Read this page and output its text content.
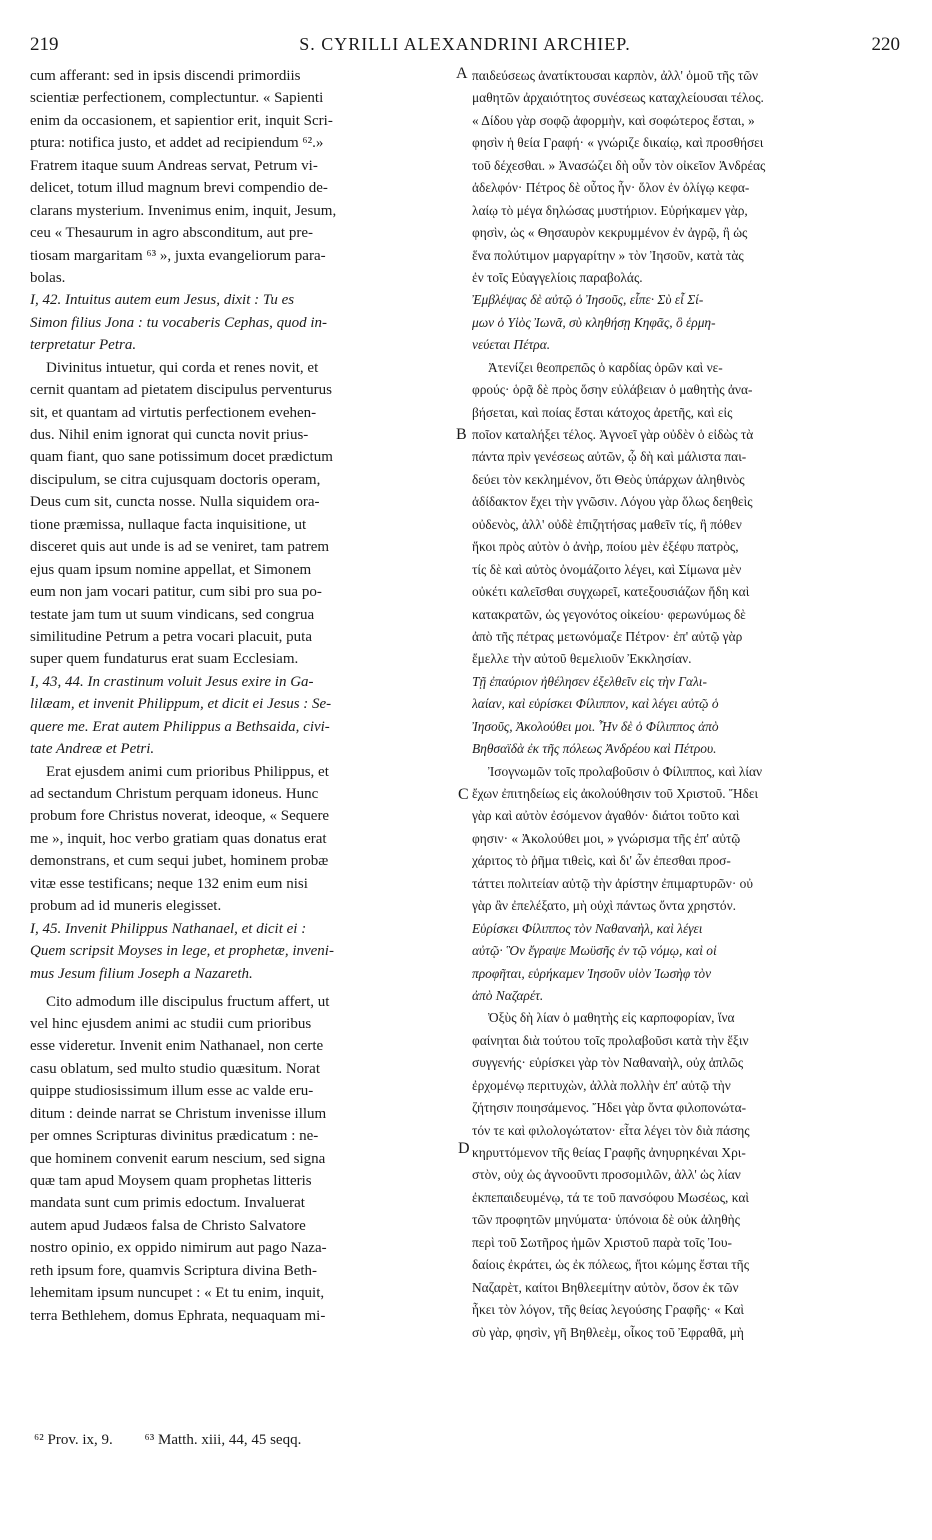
219	S. CYRILLI ALEXANDRINI ARCHIEP.	220
cum afferant: sed in ipsis discendi primordiis
scientiæ perfectionem, complectuntur. « Sapienti
enim da occasionem, et sapientior erit, inquit Scri-
ptura: notifica justo, et addet ad recipiendum ⁶².»
Fratrem itaque suum Andreas servat, Petrum vi-
delicet, totum illud magnum brevi compendio de-
clarans mysterium. Invenimus enim, inquit, Jesum,
ceu « Thesaurum in agro absconditum, aut pre-
tiosam margaritam ⁶³ », juxta evangeliorum para-
bolas.
I, 42. Intuitus autem eum Jesus, dixit : Tu es
Simon filius Jona : tu vocaberis Cephas, quod in-
terpretatur Petra.
Divinitus intuetur, qui corda et renes novit, et
cernit quantam ad pietatem discipulus perventurus
sit, et quantam ad virtutis perfectionem evehen-
dus. Nihil enim ignorat qui cuncta novit prius-
quam fiant, quo sane potissimum docet prædictum
discipulum, se citra cujusquam doctoris operam,
Deus cum sit, cuncta nosse. Nulla siquidem ora-
tione præmissa, nullaque facta inquisitione, ut
disceret quis aut unde is ad se veniret, tam patrem
ejus quam ipsum nomine appellat, et Simonem
eum non jam vocari patitur, cum sibi pro sua po-
testate jam tum ut suum vindicans, sed congrua
similitudine Petrum a petra vocari placuit, puta
super quem fundaturus erat suam Ecclesiam.
I, 43, 44. In crastinum voluit Jesus exire in Ga-
lilæam, et invenit Philippum, et dicit ei Jesus : Se-
quere me. Erat autem Philippus a Bethsaida, civi-
tate Andreæ et Petri.
Erat ejusdem animi cum prioribus Philippus, et
ad sectandum Christum perquam idoneus. Hunc
probum fore Christus noverat, ideoque, « Sequere
me », inquit, hoc verbo gratiam quas donatus erat
demonstrans, et cum sequi jubet, hominem probæ
vitæ esse testificans; neque 132 enim eum nisi
probum ad id muneris elegisset.
I, 45. Invenit Philippus Nathanael, et dicit ei :
Quem scripsit Moyses in lege, et prophetæ, inveni-
mus Jesum filium Joseph a Nazareth.
Cito admodum ille discipulus fructum affert, ut
vel hinc ejusdem animi ac studii cum prioribus
esse videretur. Invenit enim Nathanael, non certe
casu oblatum, sed multo studio quæsitum. Norat
quippe studiosissimum illum esse ac valde eru-
ditum : deinde narrat se Christum invenisse illum
per omnes Scripturas divinitus prædicatum : ne-
que hominem convenit earum nescium, sed signa
quæ tam apud Moysem quam prophetas litteris
mandata sunt cum primis edoctum. Invaluerat
autem apud Judæos falsa de Christo Salvatore
nostro opinio, ex oppido nimirum aut pago Naza-
reth ipsum fore, quamvis Scriptura divina Beth-
lehemitam ipsum nuncupet : « Et tu enim, inquit,
terra Bethlehem, domus Ephrata, nequaquam mi-
παιδεύσεως ἀνατίκτουσαι καρπὸν, ἀλλ' ὁμοῦ τῆς τῶν
μαθητῶν ἀρχαιότητος συνέσεως καταχλείουσαι τέλος.
« Δίδου γὰρ σοφῷ ἀφορμὴν, καὶ σοφώτερος ἔσται, »
φησὶν ἡ θεία Γραφή· « γνώριζε δικαίῳ, καὶ προσθήσει
τοῦ δέχεσθαι. » Ἀνασώζει δὴ οὖν τὸν οἰκεῖον Ἀνδρέας
ἀδελφόν· Πέτρος δὲ οὗτος ἦν· ὅλον ἐν ὀλίγῳ κεφα-
λαίῳ τὸ μέγα δηλώσας μυστήριον. Εὑρήκαμεν γὰρ,
φησὶν, ὡς « Θησαυρὸν κεκρυμμένον ἐν ἀγρῷ, ἢ ὡς
ἕνα πολύτιμον μαργαρίτην » τὸν Ἰησοῦν, κατὰ τὰς
ἐν τοῖς Εὐαγγελίοις παραβολάς.
Ἐμβλέψας δὲ αὐτῷ ὁ Ἰησοῦς, εἶπε· Σὺ εἶ Σί-
μων ὁ Υἱὸς Ἰωνᾶ, σὺ κληθήσῃ Κηφᾶς, ὃ ἑρμη-
νεύεται Πέτρα.
Ἀτενίζει θεοπρεπῶς ὁ καρδίας ὁρῶν καὶ νε-
φρούς· ὁρᾷ δὲ πρὸς ὅσην εὐλάβειαν ὁ μαθητὴς ἀνα-
βήσεται, καὶ ποίας ἔσται κάτοχος ἀρετῆς, καὶ εἰς
ποῖον καταλήξει τέλος. Ἀγνοεῖ γὰρ οὐδὲν ὁ εἰδὼς τὰ
πάντα πρὶν γενέσεως αὐτῶν, ᾧ δὴ καὶ μάλιστα παι-
δεύει τὸν κεκλημένον, ὅτι Θεὸς ὑπάρχων ἀληθινὸς
ἀδίδακτον ἔχει τὴν γνῶσιν. Λόγου γὰρ ὅλως δεηθεὶς
οὐδενὸς, ἀλλ' οὐδὲ ἐπιζητήσας μαθεῖν τίς, ἢ πόθεν
ἥκοι πρὸς αὐτὸν ὁ ἀνὴρ, ποίου μὲν ἐξέφυ πατρὸς,
τίς δὲ καὶ αὐτὸς ὀνομάζοιτο λέγει, καὶ Σίμωνα μὲν
οὐκέτι καλεῖσθαι συγχωρεῖ, κατεξουσιάζων ἤδη καὶ
κατακρατῶν, ὡς γεγονότος οἰκείου· φερωνύμως δὲ
ἀπὸ τῆς πέτρας μετωνόμαζε Πέτρον· ἐπ' αὐτῷ γὰρ
ἔμελλε τὴν αὐτοῦ θεμελιοῦν Ἐκκλησίαν.
Τῇ ἐπαύριον ἠθέλησεν ἐξελθεῖν εἰς τὴν Γαλι-
λαίαν, καὶ εὑρίσκει Φίλιππον, καὶ λέγει αὐτῷ ὁ
Ἰησοῦς, Ἀκολούθει μοι. Ἦν δὲ ὁ Φίλιππος ἀπὸ
Βηθσαϊδὰ ἐκ τῆς πόλεως Ἀνδρέου καὶ Πέτρου.
Ἰσογνωμῶν τοῖς προλαβοῦσιν ὁ Φίλιππος, καὶ λίαν
ἔχων ἐπιτηδείως εἰς ἀκολούθησιν τοῦ Χριστοῦ. Ἤδει
γὰρ καὶ αὐτὸν ἐσόμενον ἀγαθόν· διάτοι τοῦτο καὶ
φησιν· « Ἀκολούθει μοι, » γνώρισμα τῆς ἐπ' αὐτῷ
χάριτος τὸ ῥῆμα τιθεὶς, καὶ δι' ὧν ἐπεσθαι προσ-
τάττει πολιτείαν αὐτῷ τὴν ἀρίστην ἐπιμαρτυρῶν· οὐ
γὰρ ἂν ἐπελέξατο, μὴ οὐχὶ πάντως ὄντα χρηστόν.
Εὑρίσκει Φίλιππος τὸν Ναθαναὴλ, καὶ λέγει
αὐτῷ· Ὃν ἔγραψε Μωϋσῆς ἐν τῷ νόμῳ, καὶ οἱ
προφῆται, εὑρήκαμεν Ἰησοῦν υἱὸν Ἰωσὴφ τὸν
ἀπὸ Ναζαρέτ.
Ὀξὺς δὴ λίαν ὁ μαθητὴς εἰς καρποφορίαν, ἵνα
φαίνηται διὰ τούτου τοῖς προλαβοῦσι κατὰ τὴν ἕξιν
συγγενής· εὑρίσκει γὰρ τὸν Ναθαναὴλ, οὐχ ἁπλῶς
ἐρχομένῳ περιτυχὼν, ἀλλὰ πολλὴν ἐπ' αὐτῷ τὴν
ζήτησιν ποιησάμενος. Ἤδει γὰρ ὄντα φιλοπονώτα-
τόν τε καὶ φιλολογώτατον· εἶτα λέγει τὸν διὰ πάσης
κηρυττόμενον τῆς θείας Γραφῆς ἀνηυρηκέναι Χρι-
στὸν, οὐχ ὡς ἀγνοοῦντι προσομιλῶν, ἀλλ' ὡς λίαν
ἐκπεπαιδευμένῳ, τά τε τοῦ πανσόφου Μωσέως, καὶ
τῶν προφητῶν μηνύματα· ὑπόνοια δὲ οὐκ ἀληθὴς
περὶ τοῦ Σωτῆρος ἡμῶν Χριστοῦ παρὰ τοῖς Ἰου-
δαίοις ἐκράτει, ὡς ἐκ πόλεως, ἤτοι κώμης ἔσται τῆς
Ναζαρὲτ, καίτοι Βηθλεεμίτην αὐτὸν, ὅσον ἐκ τῶν
ἧκει τὸν λόγον, τῆς θείας λεγούσης Γραφῆς· « Καὶ
σὺ γὰρ, φησὶν, γῆ Βηθλεὲμ, οἶκος τοῦ Ἐφραθᾶ, μὴ
A
B
C
D
⁶² Prov. ix, 9. ⁶³ Matth. xiii, 44, 45 seqq.
